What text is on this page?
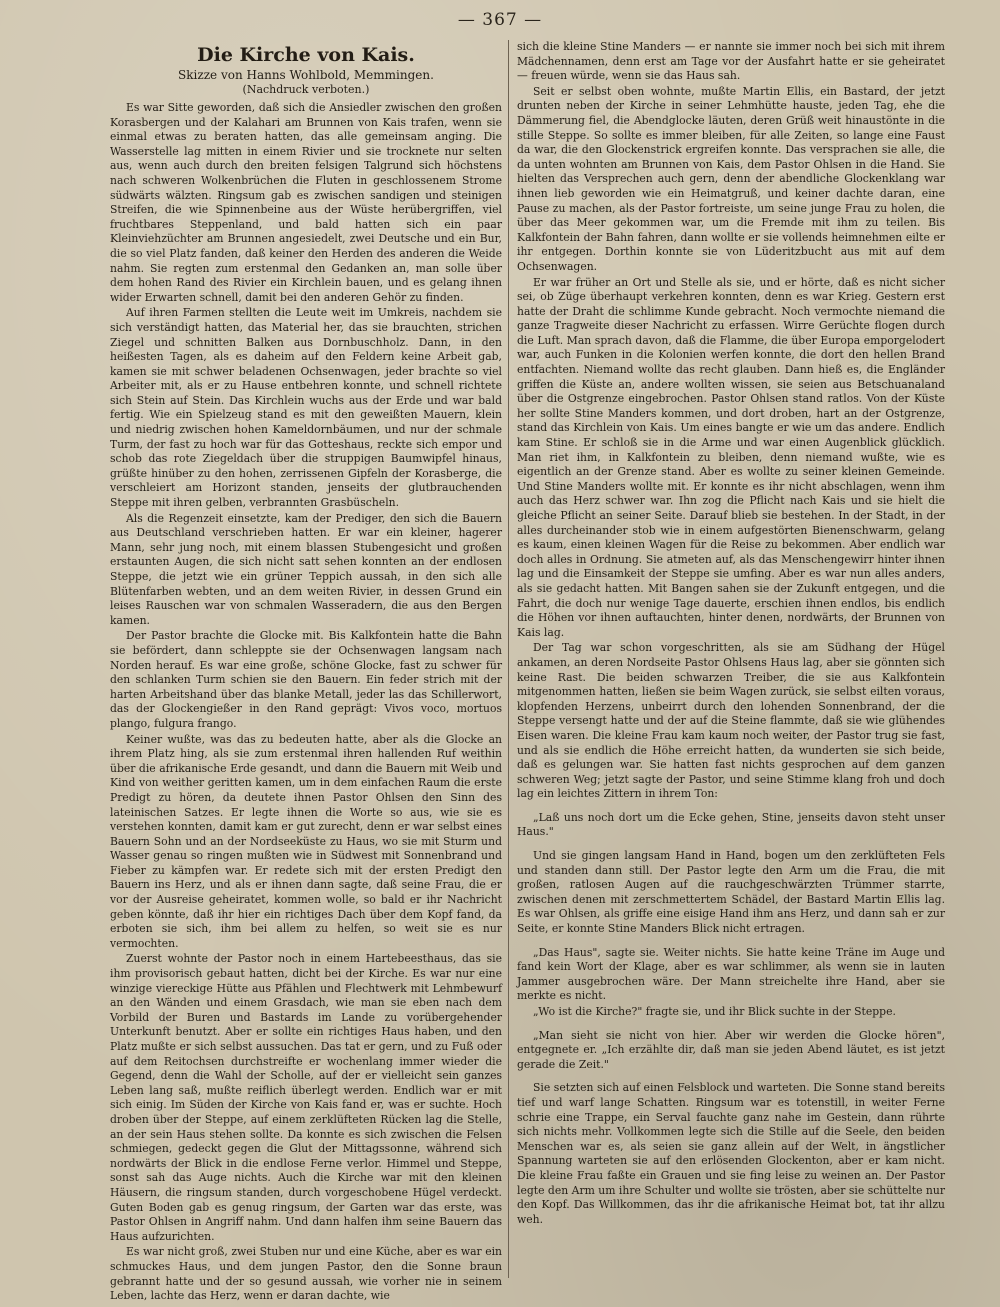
— 367 —
Die Kirche von Kais.
Skizze von Hanns Wohlbold, Memmingen.
(Nachdruck verboten.)

Es war Sitte geworden, daß sich die Ansiedler zwischen den großen Korasbergen und der Kalahari am Brunnen von Kais trafen, wenn sie einmal etwas zu beraten hatten, das alle gemeinsam anging. Die Wasserstelle lag mitten in einem Rivier und sie trocknete nur selten aus, wenn auch durch den breiten felsigen Talgrund sich höchstens nach schweren Wolkenbrüchen die Fluten in geschlossenem Strome südwärts wälzten. Ringsum gab es zwischen sandigen und steinigen Streifen, die wie Spinnenbeine aus der Wüste herübergriffen, viel fruchtbares Steppenland, und bald hatten sich ein paar Kleinviehzüchter am Brunnen angesiedelt, zwei Deutsche und ein Bur, die so viel Platz fanden, daß keiner den Herden des anderen die Weide nahm. Sie regten zum erstenmal den Gedanken an, man solle über dem hohen Rand des Rivier ein Kirchlein bauen, und es gelang ihnen wider Erwarten schnell, damit bei den anderen Gehör zu finden.

Auf ihren Farmen stellten die Leute weit im Umkreis, nachdem sie sich verständigt hatten, das Material her, das sie brauchten, strichen Ziegel und schnitten Balken aus Dornbuschholz. Dann, in den heißesten Tagen, als es daheim auf den Feldern keine Arbeit gab, kamen sie mit schwer beladenen Ochsenwagen, jeder brachte so viel Arbeiter mit, als er zu Hause entbehren konnte, und schnell richtete sich Stein auf Stein. Das Kirchlein wuchs aus der Erde und war bald fertig. Wie ein Spielzeug stand es mit den geweißten Mauern, klein und niedrig zwischen hohen Kameldornbäumen, und nur der schmale Turm, der fast zu hoch war für das Gotteshaus, reckte sich empor und schob das rote Ziegeldach über die struppigen Baumwipfel hinaus, grüßte hinüber zu den hohen, zerrissenen Gipfeln der Korasberge, die verschleiert am Horizont standen, jenseits der glutbrauchenden Steppe mit ihren gelben, verbrannten Grasbüscheln.

Als die Regenzeit einsetzte, kam der Prediger, den sich die Bauern aus Deutschland verschrieben hatten. Er war ein kleiner, hagerer Mann, sehr jung noch, mit einem blassen Stubengesicht und großen erstaunten Augen, die sich nicht satt sehen konnten an der endlosen Steppe, die jetzt wie ein grüner Teppich aussah, in den sich alle Blütenfarben webten, und an dem weiten Rivier, in dessen Grund ein leises Rauschen war von schmalen Wasseradern, die aus den Bergen kamen.

Der Pastor brachte die Glocke mit. Bis Kalkfontein hatte die Bahn sie befördert, dann schleppte sie der Ochsenwagen langsam nach Norden herauf. Es war eine große, schöne Glocke, fast zu schwer für den schlanken Turm schien sie den Bauern. Ein feder strich mit der harten Arbeitshand über das blanke Metall, jeder las das Schillerwort, das der Glockengießer in den Rand geprägt: Vivos voco, mortuos plango, fulgura frango.

Keiner wußte, was das zu bedeuten hatte, aber als die Glocke an ihrem Platz hing, als sie zum erstenmal ihren hallenden Ruf weithin über die afrikanische Erde gesandt, und dann die Bauern mit Weib und Kind von weither geritten kamen, um in dem einfachen Raum die erste Predigt zu hören, da deutete ihnen Pastor Ohlsen den Sinn des lateinischen Satzes. Er legte ihnen die Worte so aus, wie sie es verstehen konnten, damit kam er gut zurecht, denn er war selbst eines Bauern Sohn und an der Nordseeküste zu Haus, wo sie mit Sturm und Wasser genau so ringen mußten wie in Südwest mit Sonnenbrand und Fieber zu kämpfen war. Er redete sich mit der ersten Predigt den Bauern ins Herz, und als er ihnen dann sagte, daß seine Frau, die er vor der Ausreise geheiratet, kommen wolle, so bald er ihr Nachricht geben könnte, daß ihr hier ein richtiges Dach über dem Kopf fand, da erboten sie sich, ihm bei allem zu helfen, so weit sie es nur vermochten.

Zuerst wohnte der Pastor noch in einem Hartebeesthaus, das sie ihm provisorisch gebaut hatten, dicht bei der Kirche. Es war nur eine winzige viereckige Hütte aus Pfählen und Flechtwerk mit Lehmbewurf an den Wänden und einem Grasdach, wie man sie eben nach dem Vorbild der Buren und Bastards im Lande zu vorübergehender Unterkunft benutzt. Aber er sollte ein richtiges Haus haben, und den Platz mußte er sich selbst aussuchen. Das tat er gern, und zu Fuß oder auf dem Reitochsen durchstreifte er wochenlang immer wieder die Gegend, denn die Wahl der Scholle, auf der er vielleicht sein ganzes Leben lang saß, mußte reiflich überlegt werden. Endlich war er mit sich einig. Im Süden der Kirche von Kais fand er, was er suchte. Hoch droben über der Steppe, auf einem zerklüfteten Rücken lag die Stelle, an der sein Haus stehen sollte. Da konnte es sich zwischen die Felsen schmiegen, gedeckt gegen die Glut der Mittagssonne, während sich nordwärts der Blick in die endlose Ferne verlor. Himmel und Steppe, sonst sah das Auge nichts. Auch die Kirche war mit den kleinen Häusern, die ringsum standen, durch vorgeschobene Hügel verdeckt. Guten Boden gab es genug ringsum, der Garten war das erste, was Pastor Ohlsen in Angriff nahm. Und dann halfen ihm seine Bauern das Haus aufzurichten.

Es war nicht groß, zwei Stuben nur und eine Küche, aber es war ein schmuckes Haus, und dem jungen Pastor, den die Sonne braun gebrannt hatte und der so gesund aussah, wie vorher nie in seinem Leben, lachte das Herz, wenn er daran dachte, wie

sich die kleine Stine Manders — er nannte sie immer noch bei sich mit ihrem Mädchennamen, denn erst am Tage vor der Ausfahrt hatte er sie geheiratet — freuen würde, wenn sie das Haus sah.

Seit er selbst oben wohnte, mußte Martin Ellis, ein Bastard, der jetzt drunten neben der Kirche in seiner Lehmhütte hauste, jeden Tag, ehe die Dämmerung fiel, die Abendglocke läuten, deren Grüß weit hinaustönte in die stille Steppe. So sollte es immer bleiben, für alle Zeiten, so lange eine Faust da war, die den Glockenstrick ergreifen konnte. Das versprachen sie alle, die da unten wohnten am Brunnen von Kais, dem Pastor Ohlsen in die Hand. Sie hielten das Versprechen auch gern, denn der abendliche Glockenklang war ihnen lieb geworden wie ein Heimatgruß, und keiner dachte daran, eine Pause zu machen, als der Pastor fortreiste, um seine junge Frau zu holen, die über das Meer gekommen war, um die Fremde mit ihm zu teilen. Bis Kalkfontein der Bahn fahren, dann wollte er sie vollends heimnehmen eilte er ihr entgegen. Dorthin konnte sie von Lüderitzbucht aus mit auf dem Ochsenwagen.

Er war früher an Ort und Stelle als sie, und er hörte, daß es nicht sicher sei, ob Züge überhaupt verkehren konnten, denn es war Krieg. Gestern erst hatte der Draht die schlimme Kunde gebracht. Noch vermochte niemand die ganze Tragweite dieser Nachricht zu erfassen. Wirre Gerüchte flogen durch die Luft. Man sprach davon, daß die Flamme, die über Europa emporgelodert war, auch Funken in die Kolonien werfen konnte, die dort den hellen Brand entfachten. Niemand wollte das recht glauben. Dann hieß es, die Engländer griffen die Küste an, andere wollten wissen, sie seien aus Betschuanaland über die Ostgrenze eingebrochen. Pastor Ohlsen stand ratlos. Von der Küste her sollte Stine Manders kommen, und dort droben, hart an der Ostgrenze, stand das Kirchlein von Kais. Um eines bangte er wie um das andere. Endlich kam Stine. Er schloß sie in die Arme und war einen Augenblick glücklich. Man riet ihm, in Kalkfontein zu bleiben, denn niemand wußte, wie es eigentlich an der Grenze stand. Aber es wollte zu seiner kleinen Gemeinde. Und Stine Manders wollte mit. Er konnte es ihr nicht abschlagen, wenn ihm auch das Herz schwer war. Ihn zog die Pflicht nach Kais und sie hielt die gleiche Pflicht an seiner Seite. Darauf blieb sie bestehen. In der Stadt, in der alles durcheinander stob wie in einem aufgestörten Bienenschwarm, gelang es kaum, einen kleinen Wagen für die Reise zu bekommen. Aber endlich war doch alles in Ordnung. Sie atmeten auf, als das Menschengewirr hinter ihnen lag und die Einsamkeit der Steppe sie umfing. Aber es war nun alles anders, als sie gedacht hatten. Mit Bangen sahen sie der Zukunft entgegen, und die Fahrt, die doch nur wenige Tage dauerte, erschien ihnen endlos, bis endlich die Höhen vor ihnen auftauchten, hinter denen, nordwärts, der Brunnen von Kais lag.

Der Tag war schon vorgeschritten, als sie am Südhang der Hügel ankamen, an deren Nordseite Pastor Ohlsens Haus lag, aber sie gönnten sich keine Rast. Die beiden schwarzen Treiber, die sie aus Kalkfontein mitgenommen hatten, ließen sie beim Wagen zurück, sie selbst eilten voraus, klopfenden Herzens, unbeirrt durch den lohenden Sonnenbrand, der die Steppe versengt hatte und der auf die Steine flammte, daß sie wie glühendes Eisen waren. Die kleine Frau kam kaum noch weiter, der Pastor trug sie fast, und als sie endlich die Höhe erreicht hatten, da wunderten sie sich beide, daß es gelungen war. Sie hatten fast nichts gesprochen auf dem ganzen schweren Weg; jetzt sagte der Pastor, und seine Stimme klang froh und doch lag ein leichtes Zittern in ihrem Ton:

„Laß uns noch dort um die Ecke gehen, Stine, jenseits davon steht unser Haus."

Und sie gingen langsam Hand in Hand, bogen um den zerklüfteten Fels und standen dann still. Der Pastor legte den Arm um die Frau, die mit großen, ratlosen Augen auf die rauchgeschwärzten Trümmer starrte, zwischen denen mit zerschmettertem Schädel, der Bastard Martin Ellis lag. Es war Ohlsen, als griffe eine eisige Hand ihm ans Herz, und dann sah er zur Seite, er konnte Stine Manders Blick nicht ertragen.

„Das Haus", sagte sie. Weiter nichts. Sie hatte keine Träne im Auge und fand kein Wort der Klage, aber es war schlimmer, als wenn sie in lauten Jammer ausgebrochen wäre. Der Mann streichelte ihre Hand, aber sie merkte es nicht.

„Wo ist die Kirche?" fragte sie, und ihr Blick suchte in der Steppe.

„Man sieht sie nicht von hier. Aber wir werden die Glocke hören", entgegnete er. „Ich erzählte dir, daß man sie jeden Abend läutet, es ist jetzt gerade die Zeit."

Sie setzten sich auf einen Felsblock und warteten. Die Sonne stand bereits tief und warf lange Schatten. Ringsum war es totenstill, in weiter Ferne schrie eine Trappe, ein Serval fauchte ganz nahe im Gestein, dann rührte sich nichts mehr. Vollkommen legte sich die Stille auf die Seele, den beiden Menschen war es, als seien sie ganz allein auf der Welt, in ängstlicher Spannung warteten sie auf den erlösenden Glockenton, aber er kam nicht. Die kleine Frau faßte ein Grauen und sie fing leise zu weinen an. Der Pastor legte den Arm um ihre Schulter und wollte sie trösten, aber sie schüttelte nur den Kopf. Das Willkommen, das ihr die afrikanische Heimat bot, tat ihr allzu weh.
